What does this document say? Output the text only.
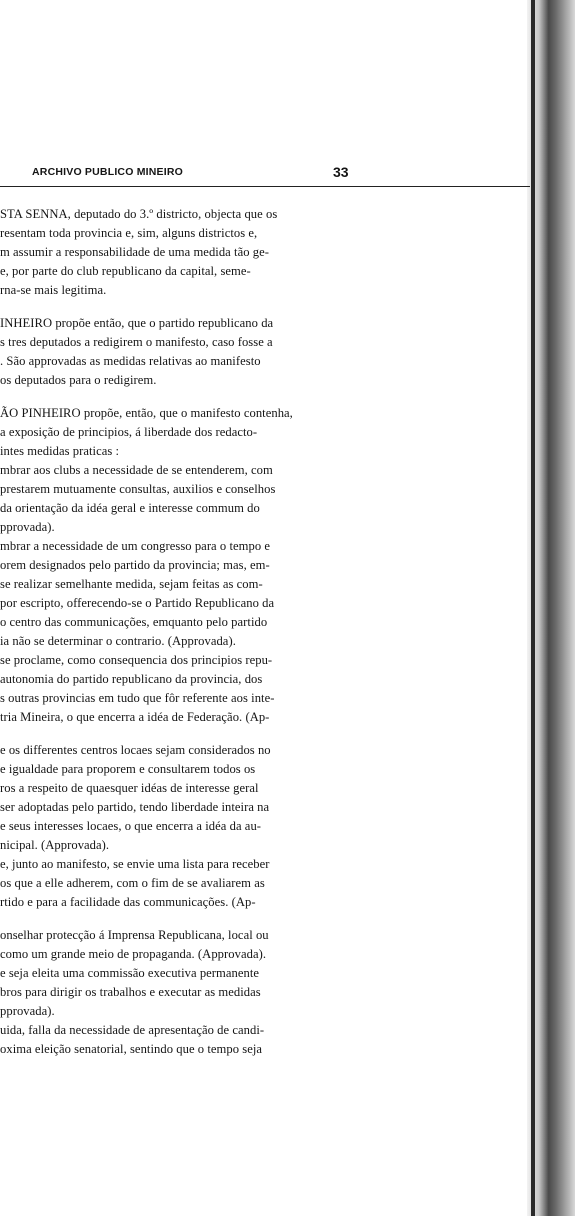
ARCHIVO PUBLICO MINEIRO	33
STA SENNA, deputado do 3.º districto, objecta que os
resentam toda provincia e, sim, alguns districtos e,
m assumir a responsabilidade de uma medida tão ge-
e, por parte do club republicano da capital, seme-
rna-se mais legitima.
INHEIRO propõe então, que o partido republicano da
s tres deputados a redigirem o manifesto, caso fosse a
. São approvadas as medidas relativas ao manifesto
os deputados para o redigirem.
ÃO PINHEIRO propõe, então, que o manifesto contenha,
a exposição de principios, á liberdade dos redacto-
intes medidas praticas :
mbrar aos clubs a necessidade de se entenderem, com
prestarem mutuamente consultas, auxilios e conselhos
da orientação da idéa geral e interesse commum do
pprovada).
mbrar a necessidade de um congresso para o tempo e
orem designados pelo partido da provincia; mas, em-
se realizar semelhante medida, sejam feitas as com-
por escripto, offerecendo-se o Partido Republicano da
o centro das communicações, emquanto pelo partido
ia não se determinar o contrario. (Approvada).
se proclame, como consequencia dos principios repu-
autonomia do partido republicano da provincia, dos
s outras provincias em tudo que fôr referente aos inte-
tria Mineira, o que encerra a idéa de Federação. (Ap-
e os differentes centros locaes sejam considerados no
e igualdade para proporem e consultarem todos os
ros a respeito de quaesquer idéas de interesse geral
ser adoptadas pelo partido, tendo liberdade inteira na
e seus interesses locaes, o que encerra a idéa da au-
nicipal. (Approvada).
e, junto ao manifesto, se envie uma lista para receber
os que a elle adherem, com o fim de se avaliarem as
rtido e para a facilidade das communicações. (Ap-
onselhar protecção á Imprensa Republicana, local ou
como um grande meio de propaganda. (Approvada).
e seja eleita uma commissão executiva permanente
bros para dirigir os trabalhos e executar as medidas
pprovada).
uida, falla da necessidade de apresentação de candi-
oxima eleição senatorial, sentindo que o tempo seja
